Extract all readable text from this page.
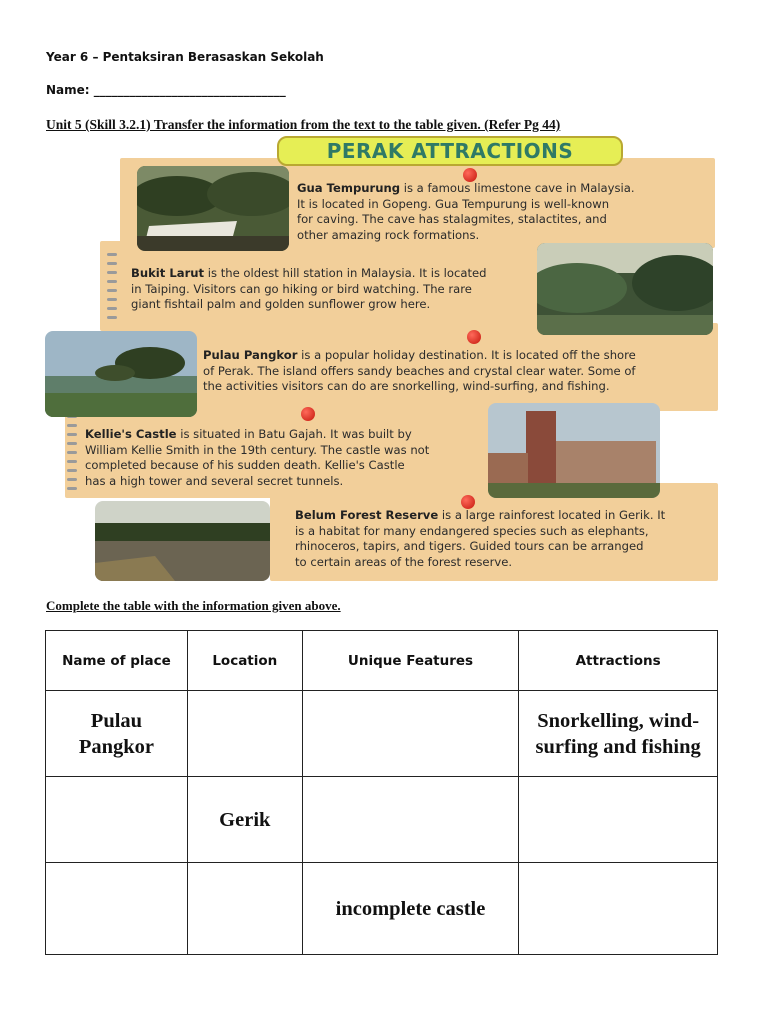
Year 6 – Pentaksiran Berasaskan Sekolah
Name: ________________________________
Unit 5 (Skill 3.2.1) Transfer the information from the text to the table given. (Refer Pg 44)
PERAK ATTRACTIONS
Gua Tempurung is a famous limestone cave in Malaysia.
It is located in Gopeng. Gua Tempurung is well-known
for caving. The cave has stalagmites, stalactites, and
other amazing rock formations.
Bukit Larut is the oldest hill station in Malaysia. It is located
in Taiping. Visitors can go hiking or bird watching. The rare
giant fishtail palm and golden sunflower grow here.
Pulau Pangkor is a popular holiday destination. It is located off the shore
of Perak. The island offers sandy beaches and crystal clear water. Some of
the activities visitors can do are snorkelling, wind-surfing, and fishing.
Kellie's Castle is situated in Batu Gajah. It was built by
William Kellie Smith in the 19th century. The castle was not
completed because of his sudden death. Kellie's Castle
has a high tower and several secret tunnels.
Belum Forest Reserve is a large rainforest located in Gerik. It
is a habitat for many endangered species such as elephants,
rhinoceros, tapirs, and tigers. Guided tours can be arranged
to certain areas of the forest reserve.
Complete the table with the information given above.
Name of place	Location	Unique Features	Attractions
Pulau Pangkor			Snorkelling, wind-surfing and fishing
	Gerik		
		incomplete castle	
